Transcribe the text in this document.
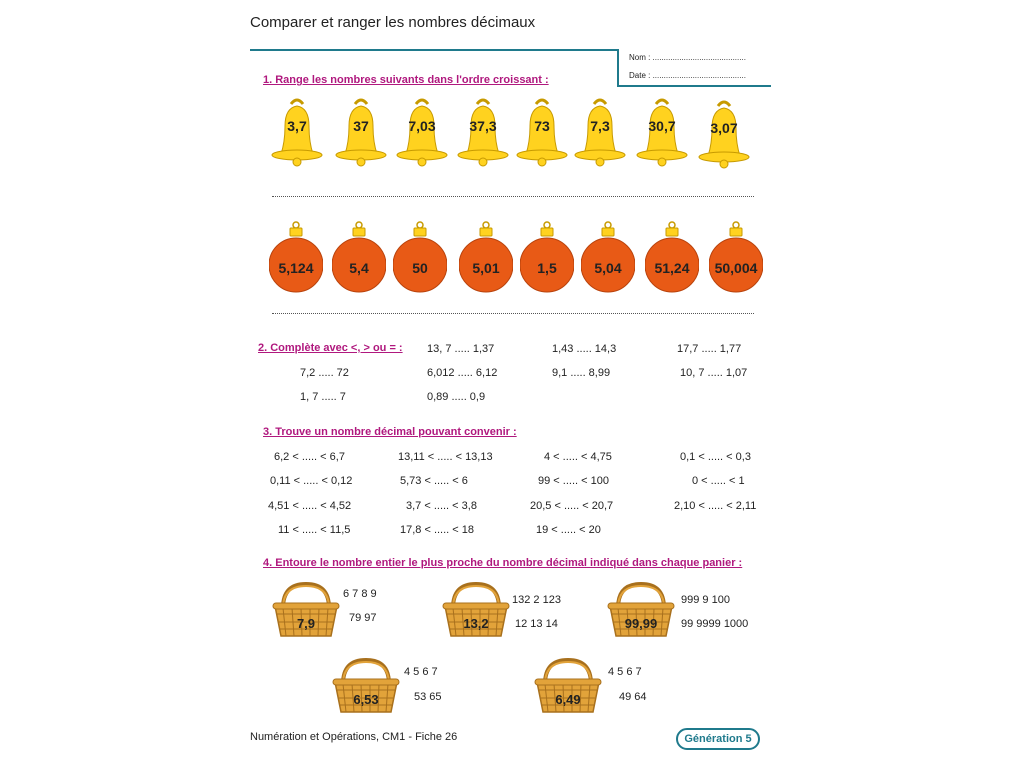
Comparer et ranger les nombres décimaux
Nom : ..........................................
Date : ..........................................
1. Range les nombres suivants dans l'ordre croissant :
3,7	37	7,03	37,3	73	7,3	30,7	3,07
5,124	5,4	50	5,01	1,5	5,04	51,24	50,004
2. Complète avec <, > ou = : 13, 7 ..... 1,37	1,43 ..... 14,3	17,7 ..... 1,77
7,2 ..... 72	6,012 ..... 6,12	9,1 ..... 8,99	10, 7 ..... 1,07
1, 7 ..... 7	0,89 ..... 0,9
3. Trouve un nombre décimal pouvant convenir :
6,2 < ..... < 6,7	13,11 < ..... < 13,13	4 < ..... < 4,75	0,1 < ..... < 0,3
0,11 < ..... < 0,12	5,73 < ..... < 6	99 < ..... < 100	0 < ..... < 1
4,51 < ..... < 4,52	3,7 < ..... < 3,8	20,5 < ..... < 20,7	2,10 < ..... < 2,11
11 < ..... < 11,5	17,8 < ..... < 18	19 < ..... < 20
4. Entoure le nombre entier le plus proche du nombre décimal indiqué dans chaque panier :
7,9
6 7 8 9
79 97	13,2
132 2 123
12 13 14	99,99
999 9 100
99 9999 1000
6,53
4 5 6 7
53 65	6,49
4 5 6 7
49 64
Numération et Opérations, CM1 - Fiche 26	Génération 5
